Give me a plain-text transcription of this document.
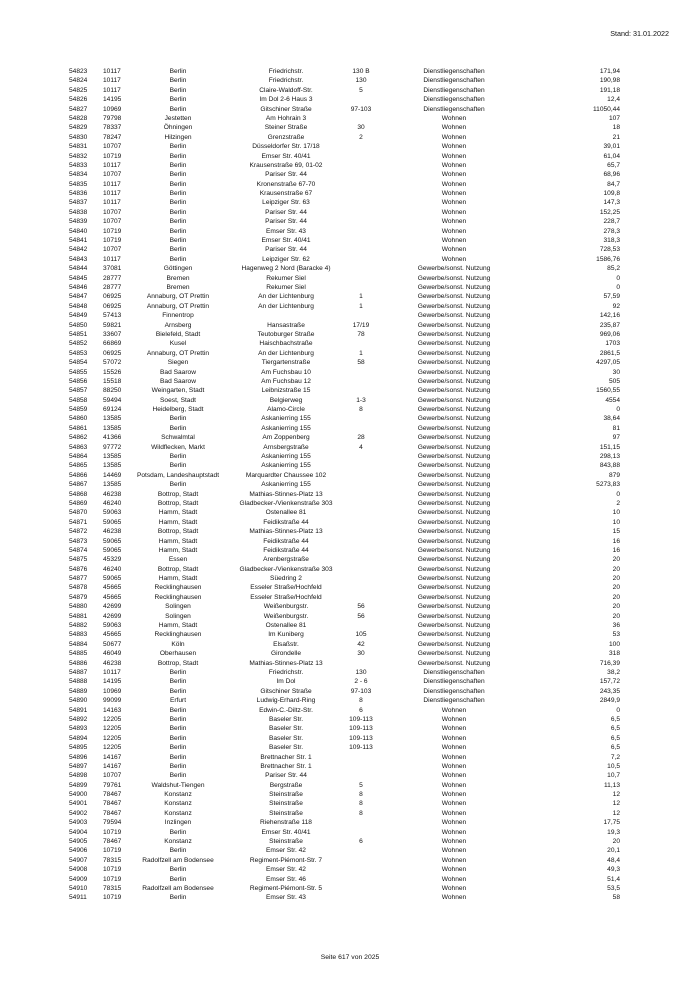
Stand: 31.01.2022
54823 10117	Berlin	Friedrichstr.	130 B	Dienstliegenschaften	171,94
54824 10117	Berlin	Friedrichstr.	130	Dienstliegenschaften	190,98
54825 10117	Berlin	Claire-Waldoff-Str.	5	Dienstliegenschaften	191,18
54826 14195	Berlin	Im Dol 2-6 Haus 3	Dienstliegenschaften	12,4
54827 10969	Berlin	Gitschiner Straße	97-103	Dienstliegenschaften	11050,44
54828 79798	Jestetten	Am Hohrain 3	Wohnen	107
54829 78337	Öhningen	Steiner Straße	30	Wohnen	18
54830 78247	Hilzingen	Grenzstraße	2	Wohnen	21
54831 10707	Berlin	Düsseldorfer Str. 17/18	Wohnen	39,01
54832 10719	Berlin	Emser Str. 40/41	Wohnen	61,04
54833 10117	Berlin	Krausenstraße 69, 01-02	Wohnen	65,7
54834 10707	Berlin	Pariser Str. 44	Wohnen	68,96
54835 10117	Berlin	Kronenstraße 67-70	Wohnen	84,7
54836 10117	Berlin	Krausenstraße 67	Wohnen	109,8
54837 10117	Berlin	Leipziger Str. 63	Wohnen	147,3
54838 10707	Berlin	Pariser Str. 44	Wohnen	152,25
54839 10707	Berlin	Pariser Str. 44	Wohnen	228,7
54840 10719	Berlin	Emser Str. 43	Wohnen	278,3
54841 10719	Berlin	Emser Str. 40/41	Wohnen	318,3
54842 10707	Berlin	Pariser Str. 44	Wohnen	728,53
54843 10117	Berlin	Leipziger Str. 62	Wohnen	1586,76
54844 37081	Göttingen	Hagenweg 2 Nord (Baracke 4)	Gewerbe/sonst. Nutzung	85,2
54845 28777	Bremen	Rekumer Siel	Gewerbe/sonst. Nutzung	0
54846 28777	Bremen	Rekumer Siel	Gewerbe/sonst. Nutzung	0
54847 06925	Annaburg, OT Prettin	An der Lichtenburg	1	Gewerbe/sonst. Nutzung	57,59
54848 06925	Annaburg, OT Prettin	An der Lichtenburg	1	Gewerbe/sonst. Nutzung	92
54849 57413	Finnentrop	Gewerbe/sonst. Nutzung	142,16
54850 59821	Arnsberg	Hansastraße	17/19	Gewerbe/sonst. Nutzung	235,87
54851 33607	Bielefeld, Stadt	Teutoburger Straße	78	Gewerbe/sonst. Nutzung	969,06
54852 66869	Kusel	Haischbachstraße	Gewerbe/sonst. Nutzung	1703
54853 06925	Annaburg, OT Prettin	An der Lichtenburg	1	Gewerbe/sonst. Nutzung	2861,5
54854 57072	Siegen	Tiergartenstraße	58	Gewerbe/sonst. Nutzung	4297,05
54855 15526	Bad Saarow	Am Fuchsbau 10	Gewerbe/sonst. Nutzung	30
54856 15518	Bad Saarow	Am Fuchsbau 12	Gewerbe/sonst. Nutzung	505
54857 88250	Weingarten, Stadt	Leibnizstraße 15	Gewerbe/sonst. Nutzung	1560,55
54858 59494	Soest, Stadt	Belgierweg	1-3	Gewerbe/sonst. Nutzung	4554
54859 69124	Heidelberg, Stadt	Alamo-Circle	8	Gewerbe/sonst. Nutzung	0
54860 13585	Berlin	Askanierring 155	Gewerbe/sonst. Nutzung	38,64
54861 13585	Berlin	Askanierring 155	Gewerbe/sonst. Nutzung	81
54862 41366	Schwalmtal	Am Zoppenberg	28	Gewerbe/sonst. Nutzung	97
54863 97772	Wildflecken, Markt	Arnsbergstraße	4	Gewerbe/sonst. Nutzung	151,15
54864 13585	Berlin	Askanierring 155	Gewerbe/sonst. Nutzung	298,13
54865 13585	Berlin	Askanierring 155	Gewerbe/sonst. Nutzung	843,88
54866 14469 Potsdam, Landeshauptstadt	Marquardter Chaussee 102	Gewerbe/sonst. Nutzung	879
54867 13585	Berlin	Askanierring 155	Gewerbe/sonst. Nutzung	5273,83
54868 46238	Bottrop, Stadt	Mathias-Stinnes-Platz 13	Gewerbe/sonst. Nutzung	0
54869 46240	Bottrop, Stadt	Gladbecker-/Vienkenstraße 303	Gewerbe/sonst. Nutzung	2
54870 59063	Hamm, Stadt	Ostenallee 81	Gewerbe/sonst. Nutzung	10
54871 59065	Hamm, Stadt	Feidikstraße 44	Gewerbe/sonst. Nutzung	10
54872 46238	Bottrop, Stadt	Mathias-Stinnes-Platz 13	Gewerbe/sonst. Nutzung	15
54873 59065	Hamm, Stadt	Feidikstraße 44	Gewerbe/sonst. Nutzung	16
54874 59065	Hamm, Stadt	Feidikstraße 44	Gewerbe/sonst. Nutzung	16
54875 45329	Essen	Arenbergstraße	Gewerbe/sonst. Nutzung	20
54876 46240	Bottrop, Stadt	Gladbecker-/Vienkenstraße 303	Gewerbe/sonst. Nutzung	20
54877 59065	Hamm, Stadt	Süedring 2	Gewerbe/sonst. Nutzung	20
54878 45665	Recklinghausen	Esseler Straße/Hochfeld	Gewerbe/sonst. Nutzung	20
54879 45665	Recklinghausen	Esseler Straße/Hochfeld	Gewerbe/sonst. Nutzung	20
54880 42699	Solingen	Weißenburgstr.	56	Gewerbe/sonst. Nutzung	20
54881 42699	Solingen	Weißenburgstr.	56	Gewerbe/sonst. Nutzung	20
54882 59063	Hamm, Stadt	Ostenallee 81	Gewerbe/sonst. Nutzung	36
54883 45665	Recklinghausen	Im Kuniberg	105	Gewerbe/sonst. Nutzung	53
54884 50677	Köln	Elsaßstr.	42	Gewerbe/sonst. Nutzung	100
54885 46049	Oberhausen	Girondelle	30	Gewerbe/sonst. Nutzung	318
54886 46238	Bottrop, Stadt	Mathias-Stinnes-Platz 13	Gewerbe/sonst. Nutzung	716,39
54887 10117	Berlin	Friedrichstr.	130	Dienstliegenschaften	38,2
54888 14195	Berlin	Im Dol	2 - 6	Dienstliegenschaften	157,72
54889 10969	Berlin	Gitschiner Straße	97-103	Dienstliegenschaften	243,35
54890 99099	Erfurt	Ludwig-Erhard-Ring	8	Dienstliegenschaften	2849,9
54891 14163	Berlin	Edwin-C.-Diltz-Str.	6	Wohnen	0
54892 12205	Berlin	Baseler Str.	109-113	Wohnen	6,5
54893 12205	Berlin	Baseler Str.	109-113	Wohnen	6,5
54894 12205	Berlin	Baseler Str.	109-113	Wohnen	6,5
54895 12205	Berlin	Baseler Str.	109-113	Wohnen	6,5
54896 14167	Berlin	Brettnacher Str. 1	Wohnen	7,2
54897 14167	Berlin	Brettnacher Str. 1	Wohnen	10,5
54898 10707	Berlin	Pariser Str. 44	Wohnen	10,7
54899 79761	Waldshut-Tiengen	Bergstraße	5	Wohnen	11,13
54900 78467	Konstanz	Steinstraße	8	Wohnen	12
54901 78467	Konstanz	Steinstraße	8	Wohnen	12
54902 78467	Konstanz	Steinstraße	8	Wohnen	12
54903 79594	Inzlingen	Riehenstraße 118	Wohnen	17,75
54904 10719	Berlin	Emser Str. 40/41	Wohnen	19,3
54905 78467	Konstanz	Steinstraße	6	Wohnen	20
54906 10719	Berlin	Emser Str. 42	Wohnen	20,1
54907 78315	Radolfzell am Bodensee	Regiment-Piémont-Str. 7	Wohnen	48,4
54908 10719	Berlin	Emser Str. 42	Wohnen	49,3
54909 10719	Berlin	Emser Str. 46	Wohnen	51,4
54910 78315	Radolfzell am Bodensee	Regiment-Piémont-Str. 5	Wohnen	53,5
54911 10719	Berlin	Emser Str. 43	Wohnen	58
Seite 617 von 2025
